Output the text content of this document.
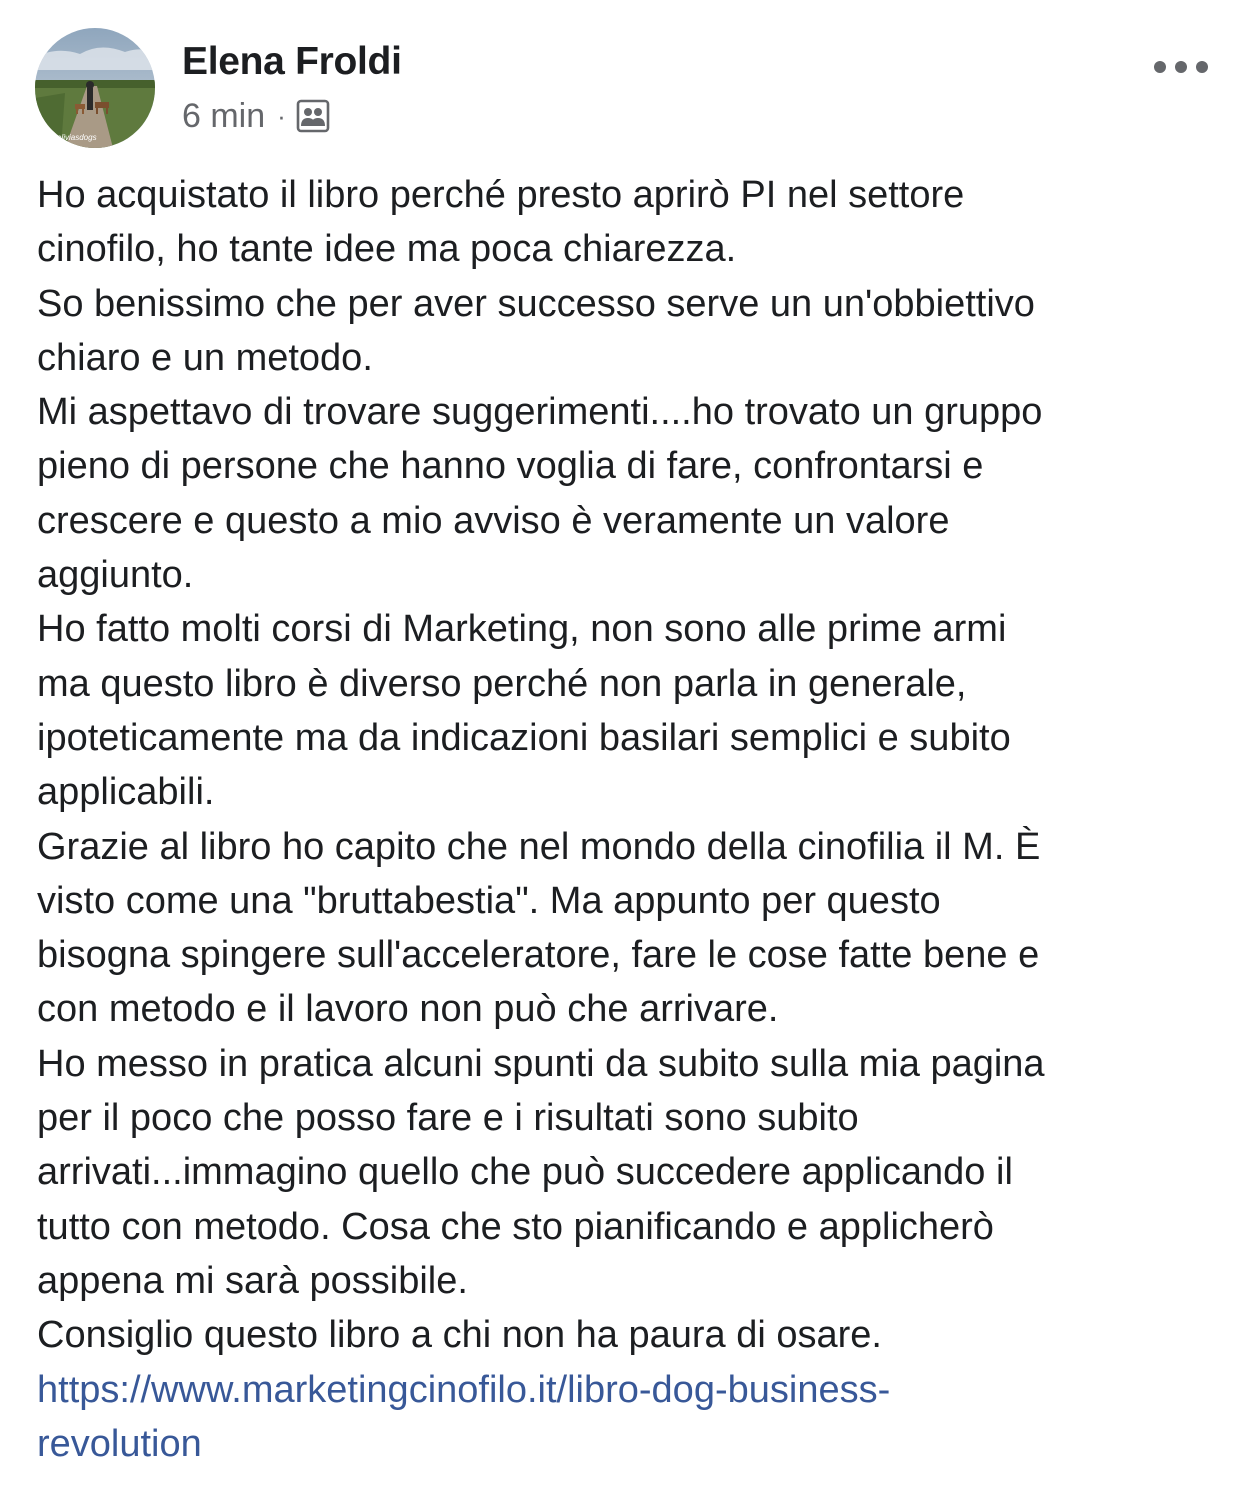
oliviasdogs
Elena Froldi
6 min ·
Ho acquistato il libro perché presto aprirò PI nel settore
cinofilo, ho tante idee ma poca chiarezza.
So benissimo che per aver successo serve un un'obbiettivo
chiaro e un metodo.
Mi aspettavo di trovare suggerimenti....ho trovato un gruppo
pieno di persone che hanno voglia di fare, confrontarsi e
crescere e questo a mio avviso è veramente un valore
aggiunto.
Ho fatto molti corsi di Marketing, non sono alle prime armi
ma questo libro è diverso perché non parla in generale,
ipoteticamente ma da indicazioni basilari semplici e subito
applicabili.
Grazie al libro ho capito che nel mondo della cinofilia il M. È
visto come una "bruttabestia". Ma appunto per questo
bisogna spingere sull'acceleratore, fare le cose fatte bene e
con metodo e il lavoro non può che arrivare.
Ho messo in pratica alcuni spunti da subito sulla mia pagina
per il poco che posso fare e i risultati sono subito
arrivati...immagino quello che può succedere applicando il
tutto con metodo. Cosa che sto pianificando e applicherò
appena mi sarà possibile.
Consiglio questo libro a chi non ha paura di osare.
https://www.marketingcinofilo.it/libro-dog-business-
revolution
